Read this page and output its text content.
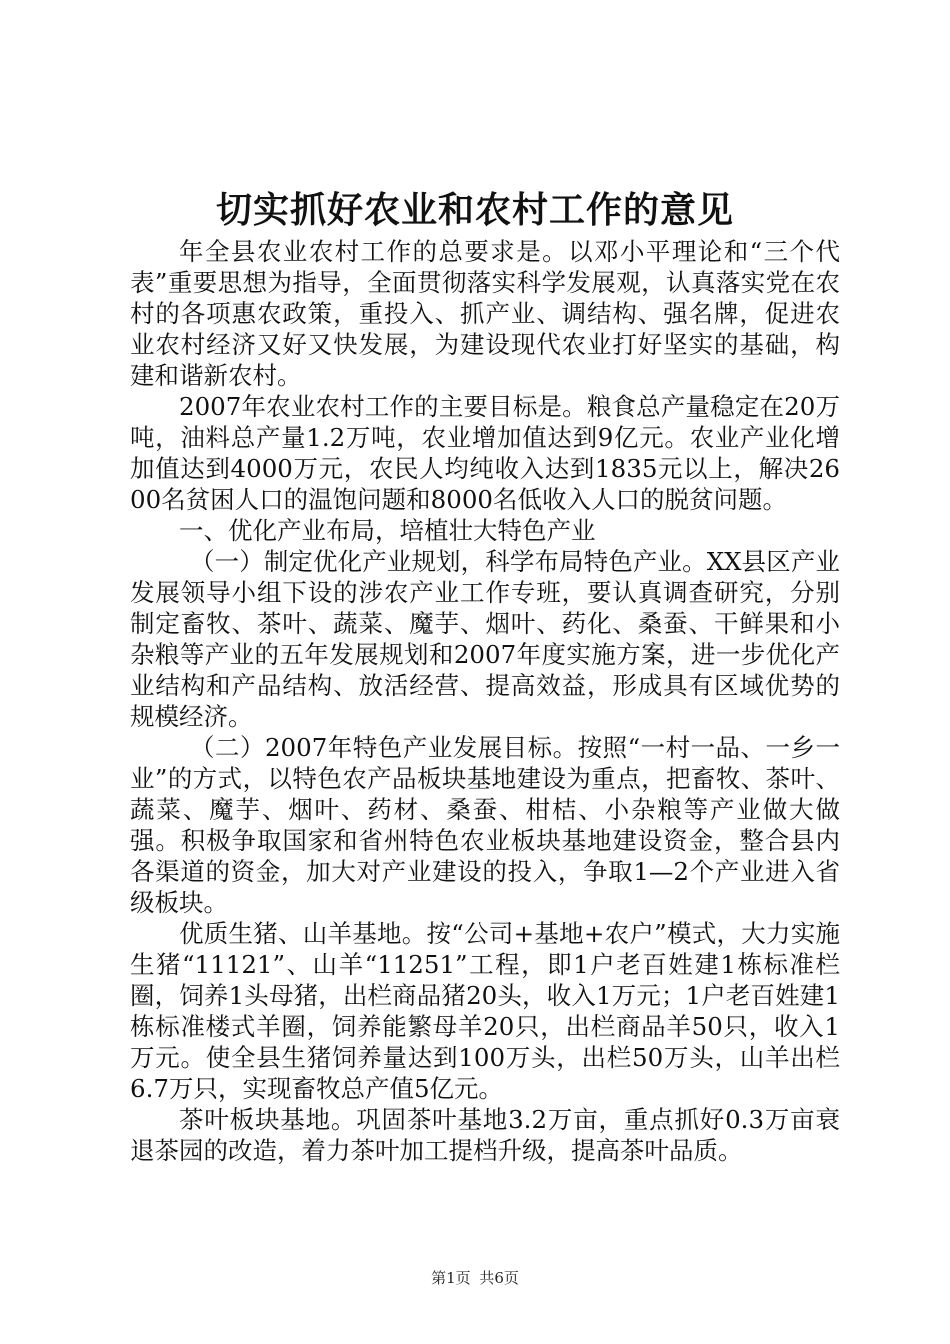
切实抓好农业和农村工作的意见

年全县农业农村工作的总要求是。以邓小平理论和“三个代表”重要思想为指导，全面贯彻落实科学发展观，认真落实党在农村的各项惠农政策，重投入、抓产业、调结构、强名牌，促进农业农村经济又好又快发展，为建设现代农业打好坚实的基础，构建和谐新农村。

2007年农业农村工作的主要目标是。粮食总产量稳定在20万吨，油料总产量1.2万吨，农业增加值达到9亿元。农业产业化增加值达到4000万元，农民人均纯收入达到1835元以上，解决2600名贫困人口的温饱问题和8000名低收入人口的脱贫问题。

一、优化产业布局，培植壮大特色产业

（一）制定优化产业规划，科学布局特色产业。XX县区产业发展领导小组下设的涉农产业工作专班，要认真调查研究，分别制定畜牧、茶叶、蔬菜、魔芋、烟叶、药化、桑蚕、干鲜果和小杂粮等产业的五年发展规划和2007年度实施方案，进一步优化产业结构和产品结构、放活经营、提高效益，形成具有区域优势的规模经济。

（二）2007年特色产业发展目标。按照“一村一品、一乡一业”的方式，以特色农产品板块基地建设为重点，把畜牧、茶叶、蔬菜、魔芋、烟叶、药材、桑蚕、柑桔、小杂粮等产业做大做强。积极争取国家和省州特色农业板块基地建设资金，整合县内各渠道的资金，加大对产业建设的投入，争取1—2个产业进入省级板块。

优质生猪、山羊基地。按“公司+基地+农户”模式，大力实施生猪“11121”、山羊“11251”工程，即1户老百姓建1栋标准栏圈，饲养1头母猪，出栏商品猪20头，收入1万元；1户老百姓建1栋标准楼式羊圈，饲养能繁母羊20只，出栏商品羊50只，收入1万元。使全县生猪饲养量达到100万头，出栏50万头，山羊出栏6.7万只，实现畜牧总产值5亿元。

茶叶板块基地。巩固茶叶基地3.2万亩，重点抓好0.3万亩衰退茶园的改造，着力茶叶加工提档升级，提高茶叶品质。

第1页 共6页
